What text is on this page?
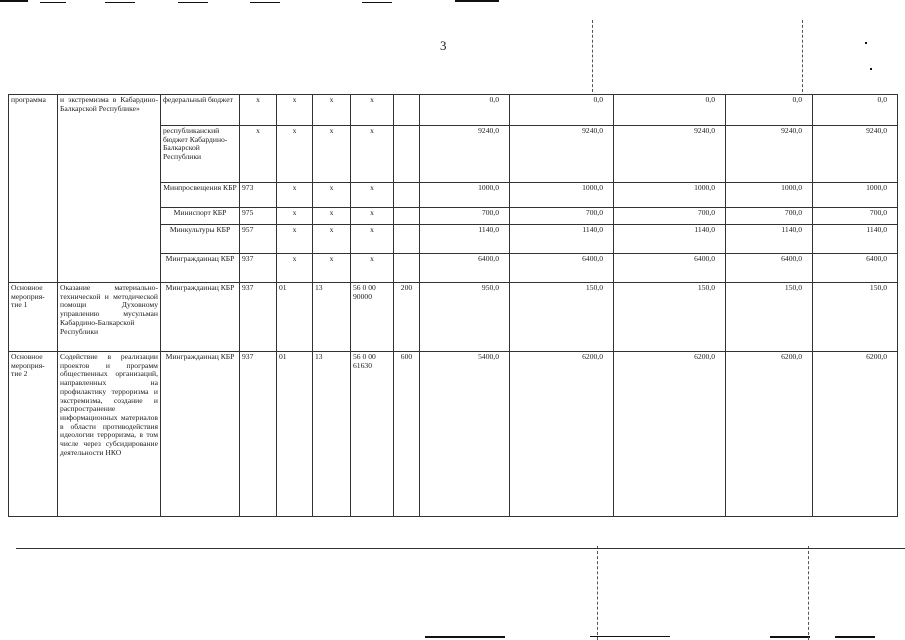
3
программа	и экстремизма в Кабардино-Балкарской Республике»	федеральный бюджет	х	х	х	х		0,0	0,0	0,0	0,0	0,0
		республиканский бюджет Кабардино-Балкарской Республики	х	х	х	х		9240,0	9240,0	9240,0	9240,0	9240,0
		Минпросвещения КБР	973	х	х	х		1000,0	1000,0	1000,0	1000,0	1000,0
		Миниспорт КБР	975	х	х	х		700,0	700,0	700,0	700,0	700,0
		Минкультуры КБР	957	х	х	х		1140,0	1140,0	1140,0	1140,0	1140,0
		Минграждаинац КБР	937	х	х	х		6400,0	6400,0	6400,0	6400,0	6400,0
Основное мероприя-тие 1	Оказание материально-технической и методической помощи Духовному управлению мусульман Кабардино-Балкарской Республики	Минграждаинац КБР	937	01	13	56 0 00 90000	200	950,0	150,0	150,0	150,0	150,0
Основное мероприя-тие 2	Содействие в реализации проектов и программ общественных организаций, направленных на профилактику терроризма и экстремизма, создание и распространение информационных материалов в области противодействия идеологии терроризма, в том числе через субсидирование деятельности НКО	Минграждаинац КБР	937	01	13	56 0 00 61630	600	5400,0	6200,0	6200,0	6200,0	6200,0
